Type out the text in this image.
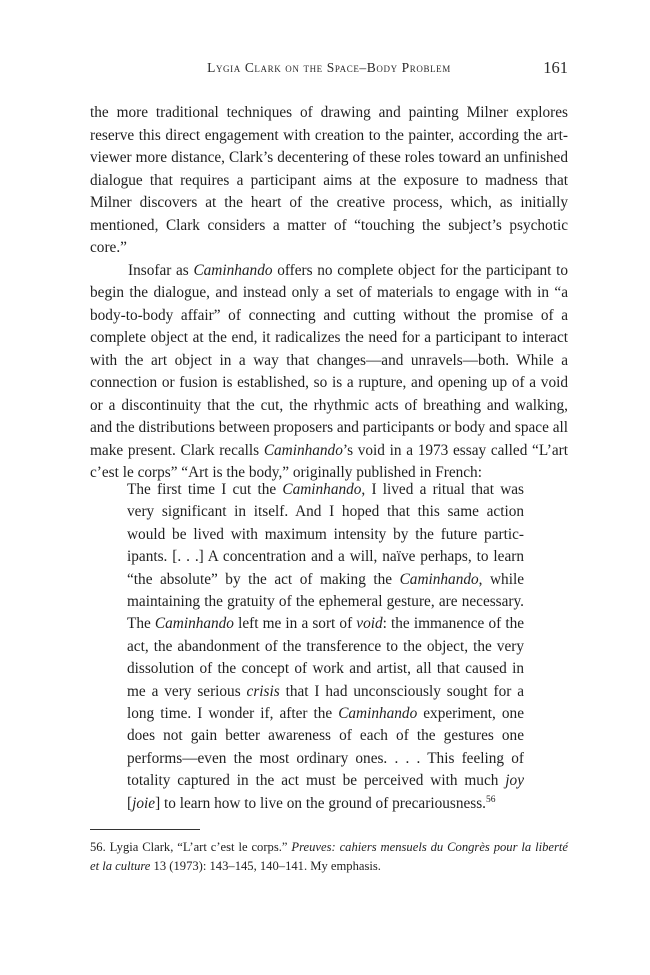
Lygia Clark on the Space–Body Problem	161

the more traditional techniques of drawing and painting Milner explores reserve this direct engagement with creation to the painter, according the art-viewer more distance, Clark’s decentering of these roles toward an unfinished dialogue that requires a participant aims at the exposure to madness that Milner discovers at the heart of the creative process, which, as initially mentioned, Clark considers a matter of “touching the subject’s psychotic core.”

Insofar as Caminhando offers no complete object for the participant to begin the dialogue, and instead only a set of materials to engage with in “a body-to-body affair” of connecting and cutting without the promise of a complete object at the end, it radicalizes the need for a participant to interact with the art object in a way that changes—and unravels—both. While a connection or fusion is established, so is a rupture, and opening up of a void or a discontinuity that the cut, the rhythmic acts of breathing and walking, and the distributions between proposers and participants or body and space all make present. Clark recalls Caminhando’s void in a 1973 essay called “L’art c’est le corps” “Art is the body,” originally published in French:

The first time I cut the Caminhando, I lived a ritual that was very significant in itself. And I hoped that this same action would be lived with maximum intensity by the future participants. [. . .] A concentration and a will, naïve perhaps, to learn “the absolute” by the act of making the Caminhando, while maintaining the gratuity of the ephemeral gesture, are necessary. The Caminhando left me in a sort of void: the immanence of the act, the abandonment of the transference to the object, the very dissolution of the concept of work and artist, all that caused in me a very serious crisis that I had unconsciously sought for a long time. I wonder if, after the Caminhando experiment, one does not gain better awareness of each of the gestures one performs—even the most ordinary ones. . . . This feeling of totality captured in the act must be perceived with much joy [joie] to learn how to live on the ground of precariousness.$^{56}$

56. Lygia Clark, “L’art c’est le corps.” Preuves: cahiers mensuels du Congrès pour la liberté et la culture 13 (1973): 143–145, 140–141. My emphasis.
